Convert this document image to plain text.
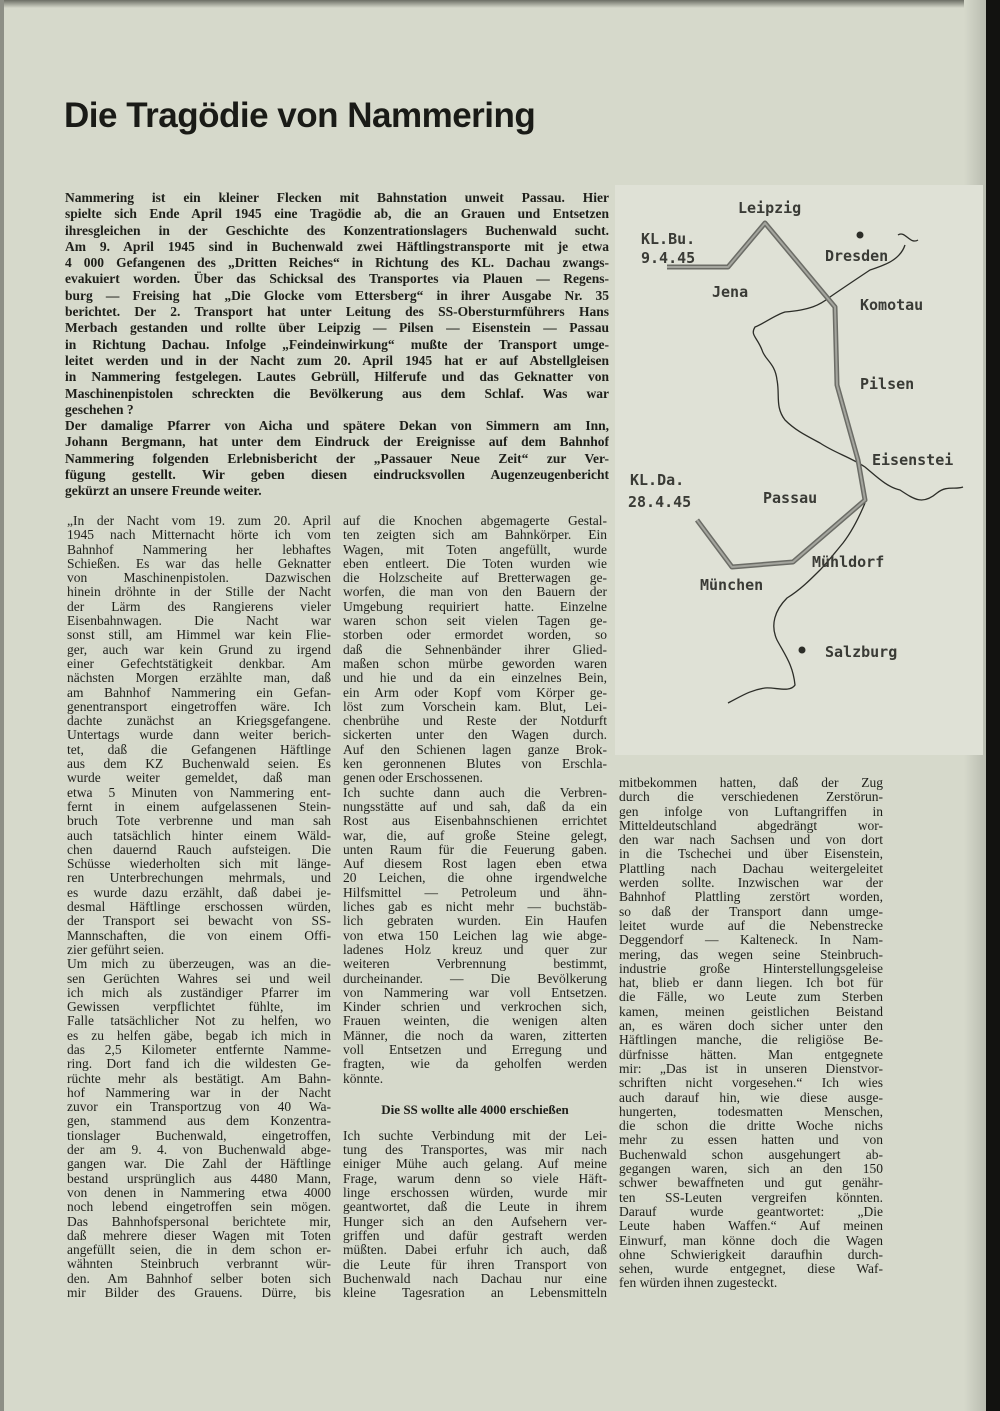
Die Tragödie von Nammering
Nammering ist ein kleiner Flecken mit Bahnstation unweit Passau. Hier
spielte sich Ende April 1945 eine Tragödie ab, die an Grauen und Entsetzen
ihresgleichen in der Geschichte des Konzentrationslagers Buchenwald sucht.
Am 9. April 1945 sind in Buchenwald zwei Häftlingstransporte mit je etwa
4 000 Gefangenen des „Dritten Reiches“ in Richtung des KL. Dachau zwangs-
evakuiert worden. Über das Schicksal des Transportes via Plauen — Regens-
burg — Freising hat „Die Glocke vom Ettersberg“ in ihrer Ausgabe Nr. 35
berichtet. Der 2. Transport hat unter Leitung des SS-Obersturmführers Hans
Merbach gestanden und rollte über Leipzig — Pilsen — Eisenstein — Passau
in Richtung Dachau. Infolge „Feindeinwirkung“ mußte der Transport umge-
leitet werden und in der Nacht zum 20. April 1945 hat er auf Abstellgleisen
in Nammering festgelegen. Lautes Gebrüll, Hilferufe und das Geknatter von
Maschinenpistolen schreckten die Bevölkerung aus dem Schlaf. Was war
geschehen ?
Der damalige Pfarrer von Aicha und spätere Dekan von Simmern am Inn,
Johann Bergmann, hat unter dem Eindruck der Ereignisse auf dem Bahnhof
Nammering folgenden Erlebnisbericht der „Passauer Neue Zeit“ zur Ver-
fügung gestellt. Wir geben diesen eindrucksvollen Augenzeugenbericht
gekürzt an unsere Freunde weiter.
„In der Nacht vom 19. zum 20. April
1945 nach Mitternacht hörte ich vom
Bahnhof Nammering her lebhaftes
Schießen. Es war das helle Geknatter
von Maschinenpistolen. Dazwischen
hinein dröhnte in der Stille der Nacht
der Lärm des Rangierens vieler
Eisenbahnwagen. Die Nacht war
sonst still, am Himmel war kein Flie-
ger, auch war kein Grund zu irgend
einer Gefechtstätigkeit denkbar. Am
nächsten Morgen erzählte man, daß
am Bahnhof Nammering ein Gefan-
genentransport eingetroffen wäre. Ich
dachte zunächst an Kriegsgefangene.
Untertags wurde dann weiter berich-
tet, daß die Gefangenen Häftlinge
aus dem KZ Buchenwald seien. Es
wurde weiter gemeldet, daß man
etwa 5 Minuten von Nammering ent-
fernt in einem aufgelassenen Stein-
bruch Tote verbrenne und man sah
auch tatsächlich hinter einem Wäld-
chen dauernd Rauch aufsteigen. Die
Schüsse wiederholten sich mit länge-
ren Unterbrechungen mehrmals, und
es wurde dazu erzählt, daß dabei je-
desmal Häftlinge erschossen würden,
der Transport sei bewacht von SS-
Mannschaften, die von einem Offi-
zier geführt seien.
Um mich zu überzeugen, was an die-
sen Gerüchten Wahres sei und weil
ich mich als zuständiger Pfarrer im
Gewissen verpflichtet fühlte, im
Falle tatsächlicher Not zu helfen, wo
es zu helfen gäbe, begab ich mich in
das 2,5 Kilometer entfernte Namme-
ring. Dort fand ich die wildesten Ge-
rüchte mehr als bestätigt. Am Bahn-
hof Nammering war in der Nacht
zuvor ein Transportzug von 40 Wa-
gen, stammend aus dem Konzentra-
tionslager Buchenwald, eingetroffen,
der am 9. 4. von Buchenwald abge-
gangen war. Die Zahl der Häftlinge
bestand ursprünglich aus 4480 Mann,
von denen in Nammering etwa 4000
noch lebend eingetroffen sein mögen.
Das Bahnhofspersonal berichtete mir,
daß mehrere dieser Wagen mit Toten
angefüllt seien, die in dem schon er-
wähnten Steinbruch verbrannt wür-
den. Am Bahnhof selber boten sich
mir Bilder des Grauens. Dürre, bis
auf die Knochen abgemagerte Gestal-
ten zeigten sich am Bahnkörper. Ein
Wagen, mit Toten angefüllt, wurde
eben entleert. Die Toten wurden wie
die Holzscheite auf Bretterwagen ge-
worfen, die man von den Bauern der
Umgebung requiriert hatte. Einzelne
waren schon seit vielen Tagen ge-
storben oder ermordet worden, so
daß die Sehnenbänder ihrer Glied-
maßen schon mürbe geworden waren
und hie und da ein einzelnes Bein,
ein Arm oder Kopf vom Körper ge-
löst zum Vorschein kam. Blut, Lei-
chenbrühe und Reste der Notdurft
sickerten unter den Wagen durch.
Auf den Schienen lagen ganze Brok-
ken geronnenen Blutes von Erschla-
genen oder Erschossenen.
Ich suchte dann auch die Verbren-
nungsstätte auf und sah, daß da ein
Rost aus Eisenbahnschienen errichtet
war, die, auf große Steine gelegt,
unten Raum für die Feuerung gaben.
Auf diesem Rost lagen eben etwa
20 Leichen, die ohne irgendwelche
Hilfsmittel — Petroleum und ähn-
liches gab es nicht mehr — buchstäb-
lich gebraten wurden. Ein Haufen
von etwa 150 Leichen lag wie abge-
ladenes Holz kreuz und quer zur
weiteren Verbrennung bestimmt,
durcheinander. — Die Bevölkerung
von Nammering war voll Entsetzen.
Kinder schrien und verkrochen sich,
Frauen weinten, die wenigen alten
Männer, die noch da waren, zitterten
voll Entsetzen und Erregung und
fragten, wie da geholfen werden
könnte.
Die SS wollte alle 4000 erschießen
Ich suchte Verbindung mit der Lei-
tung des Transportes, was mir nach
einiger Mühe auch gelang. Auf meine
Frage, warum denn so viele Häft-
linge erschossen würden, wurde mir
geantwortet, daß die Leute in ihrem
Hunger sich an den Aufsehern ver-
griffen und dafür gestraft werden
müßten. Dabei erfuhr ich auch, daß
die Leute für ihren Transport von
Buchenwald nach Dachau nur eine
kleine Tagesration an Lebensmitteln
mitbekommen hatten, daß der Zug
durch die verschiedenen Zerstörun-
gen infolge von Luftangriffen in
Mitteldeutschland abgedrängt wor-
den war nach Sachsen und von dort
in die Tschechei und über Eisenstein,
Plattling nach Dachau weitergeleitet
werden sollte. Inzwischen war der
Bahnhof Plattling zerstört worden,
so daß der Transport dann umge-
leitet wurde auf die Nebenstrecke
Deggendorf — Kalteneck. In Nam-
mering, das wegen seine Steinbruch-
industrie große Hinterstellungsgeleise
hat, blieb er dann liegen. Ich bot für
die Fälle, wo Leute zum Sterben
kamen, meinen geistlichen Beistand
an, es wären doch sicher unter den
Häftlingen manche, die religiöse Be-
dürfnisse hätten. Man entgegnete
mir: „Das ist in unseren Dienstvor-
schriften nicht vorgesehen.“ Ich wies
auch darauf hin, wie diese ausge-
hungerten, todesmatten Menschen,
die schon die dritte Woche nichs
mehr zu essen hatten und von
Buchenwald schon ausgehungert ab-
gegangen waren, sich an den 150
schwer bewaffneten und gut genähr-
ten SS-Leuten vergreifen könnten.
Darauf wurde geantwortet: „Die
Leute haben Waffen.“ Auf meinen
Einwurf, man könne doch die Wagen
ohne Schwierigkeit daraufhin durch-
sehen, wurde entgegnet, diese Waf-
fen würden ihnen zugesteckt.
Leipzig
KL.Bu.
9.4.45	Dresden
Jena
Komotau
Pilsen
Eisenstei
KL.Da.
28.4.45	Passau
Mühldorf
München
Salzburg
